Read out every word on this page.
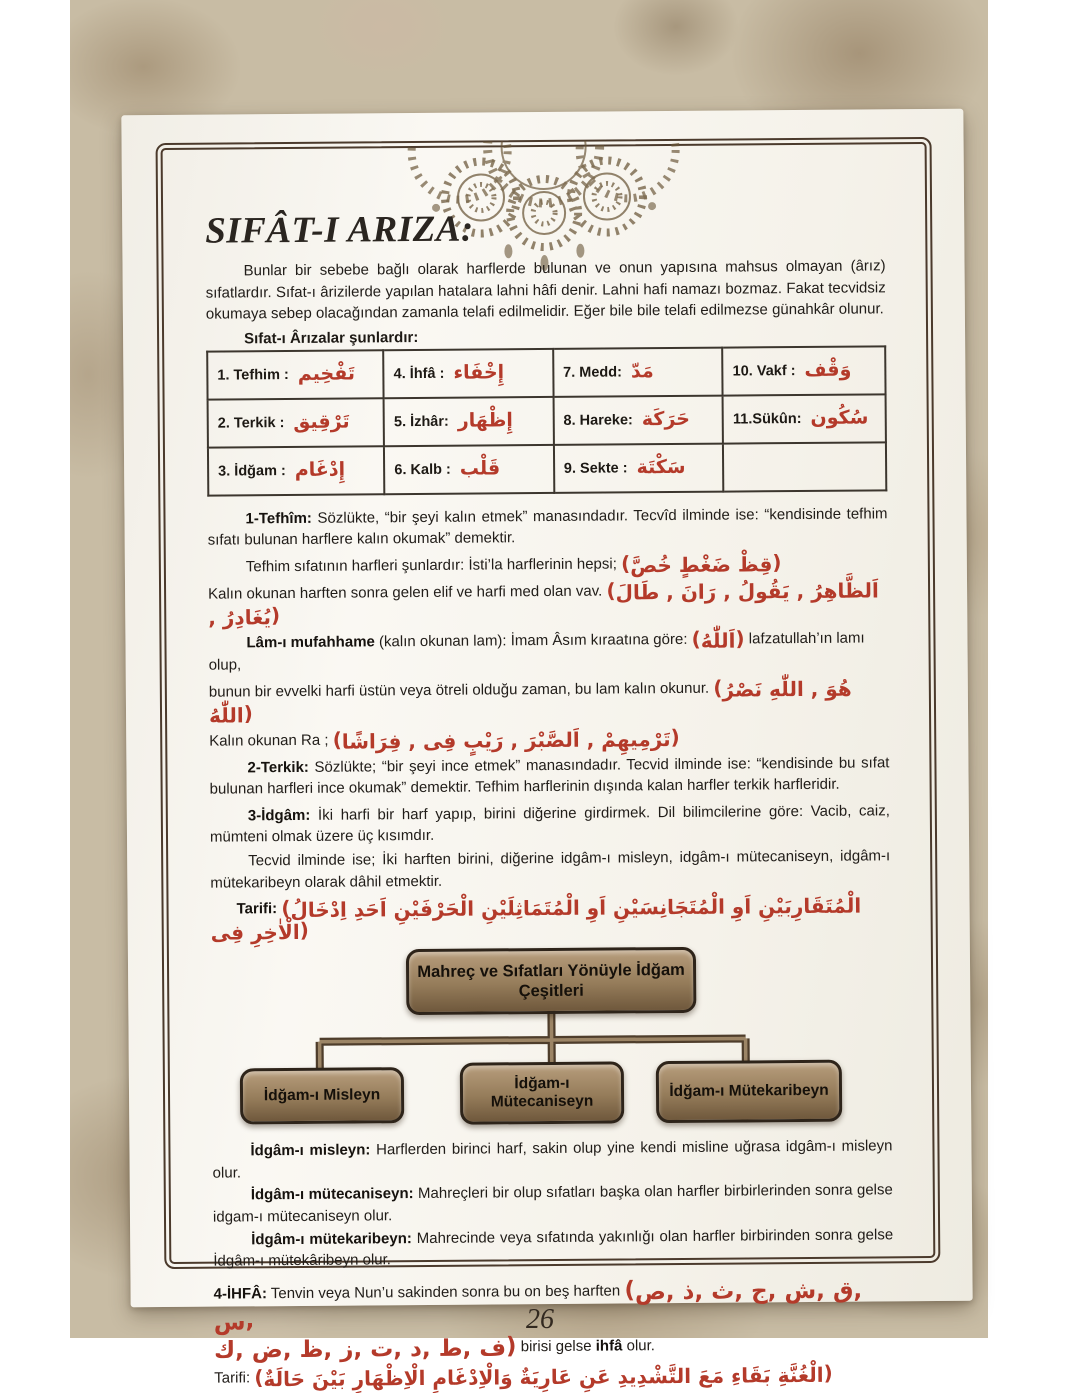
SIFÂT-I ARIZA:

Bunlar bir sebebe bağlı olarak harflerde bulunan ve onun yapısına mahsus olmayan (ârız) sıfatlardır. Sıfat-ı ârizilerde yapılan hatalara lahni hâfi denir. Lahni hafi namazı bozmaz. Fakat tecvidsiz okumaya sebep olacağından zamanla telafi edilmelidir. Eğer bile bile telafi edilmezse günahkâr olunur.

Sıfat-ı Ârızalar şunlardır:
1. Tefhim : تَفْخِيم	4. İhfâ : إِخْفَاء	7. Medd: مَدّ	10. Vakf : وَقْف

2. Terkik : تَرْقِيق	5. İzhâr: إِظْهَار	8. Hareke: حَرَكَة	11.Sükûn: سُكُون

3. İdğam : إِدْغَام	6. Kalb : قَلْب	9. Sekte : سَكْتَة	

1-Tefhîm: Sözlükte, “bir şeyi kalın etmek” manasındadır. Tecvîd ilminde ise: “kendisinde tefhim sıfatı bulunan harflere kalın okumak” demektir.

Tefhim sıfatının harfleri şunlardır: İsti’la harflerinin hepsi; (خُصَّ ضَغْطٍ قِظْ)

Kalın okunan harften sonra gelen elif ve harfi med olan vav. (طَالَ , رَانَ , يَقُولُ , اَلظَّاهِرُ , يُغَادِرُ)

Lâm-ı mufahhame (kalın okunan lam): İmam Âsım kıraatına göre: (اَللّٰهُ) lafzatullah’ın lamı olup,

bunun bir evvelki harfi üstün veya ötreli olduğu zaman, bu lam kalın okunur. (نَصْرُ اللّٰهِ , هُوَ اللّٰهُ)

Kalın okunan Ra ; (فِرَاشًا , فِى رَيْبٍ , اَلصَّبْرَ , تَرْمِيهِمْ)

2-Terkik: Sözlükte; “bir şeyi ince etmek” manasındadır. Tecvid ilminde ise: “kendisinde bu sıfat bulunan harfleri ince okumak” demektir. Tefhim harflerinin dışında kalan harfler terkik harfleridir.

3-İdgâm: İki harfi bir harf yapıp, birini diğerine girdirmek. Dil bilimcilerine göre: Vacib, caiz, mümteni olmak üzere üç kısımdır.

Tecvid ilminde ise; İki harften birini, diğerine idgâm-ı misleyn, idgâm-ı mütecaniseyn, idgâm-ı mütekaribeyn olarak dâhil etmektir.

Tarifi: (اِدْخَالُ اَحَدِ الْحَرْفَيْنِ الْمُتَمَاثِلَيْنِ اَوِ الْمُتَجَانِسَيْنِ اَوِ الْمُتَقَارِبَيْنِ فِى الْاٰخِرِ)

Mahreç ve Sıfatları Yönüyle İdğam Çeşitleri
İdğam-ı Misleyn
İdğam-ı Mütecaniseyn
İdğam-ı Mütekaribeyn

İdgâm-ı misleyn: Harflerden birinci harf, sakin olup yine kendi misline uğrasa idgâm-ı misleyn olur.

İdgâm-ı mütecaniseyn: Mahreçleri bir olup sıfatları başka olan harfler birbirlerinden sonra gelse idgam-ı mütecaniseyn olur.

İdgâm-ı mütekaribeyn: Mahrecinde veya sıfatında yakınlığı olan harfler birbirinden sonra gelse İdgâm-ı mütekâribeyn olur.

4-İHFÂ: Tenvin veya Nun’u sakinden sonra bu on beş harften (ص, ذ, ث, ج, ش, ق, س,
ك, ض, ظ, ز, ت, د, ط, ف) birisi gelse ihfâ olur.

Tarifi: (حَالَةٌ بَيْنَ الْاِظْهَارِ وَالْاِدْغَامِ عَارِيَةٌ عَنِ التَّشْدِيدِ مَعَ بَقَاءِ الْغُنَّةِ)

26
